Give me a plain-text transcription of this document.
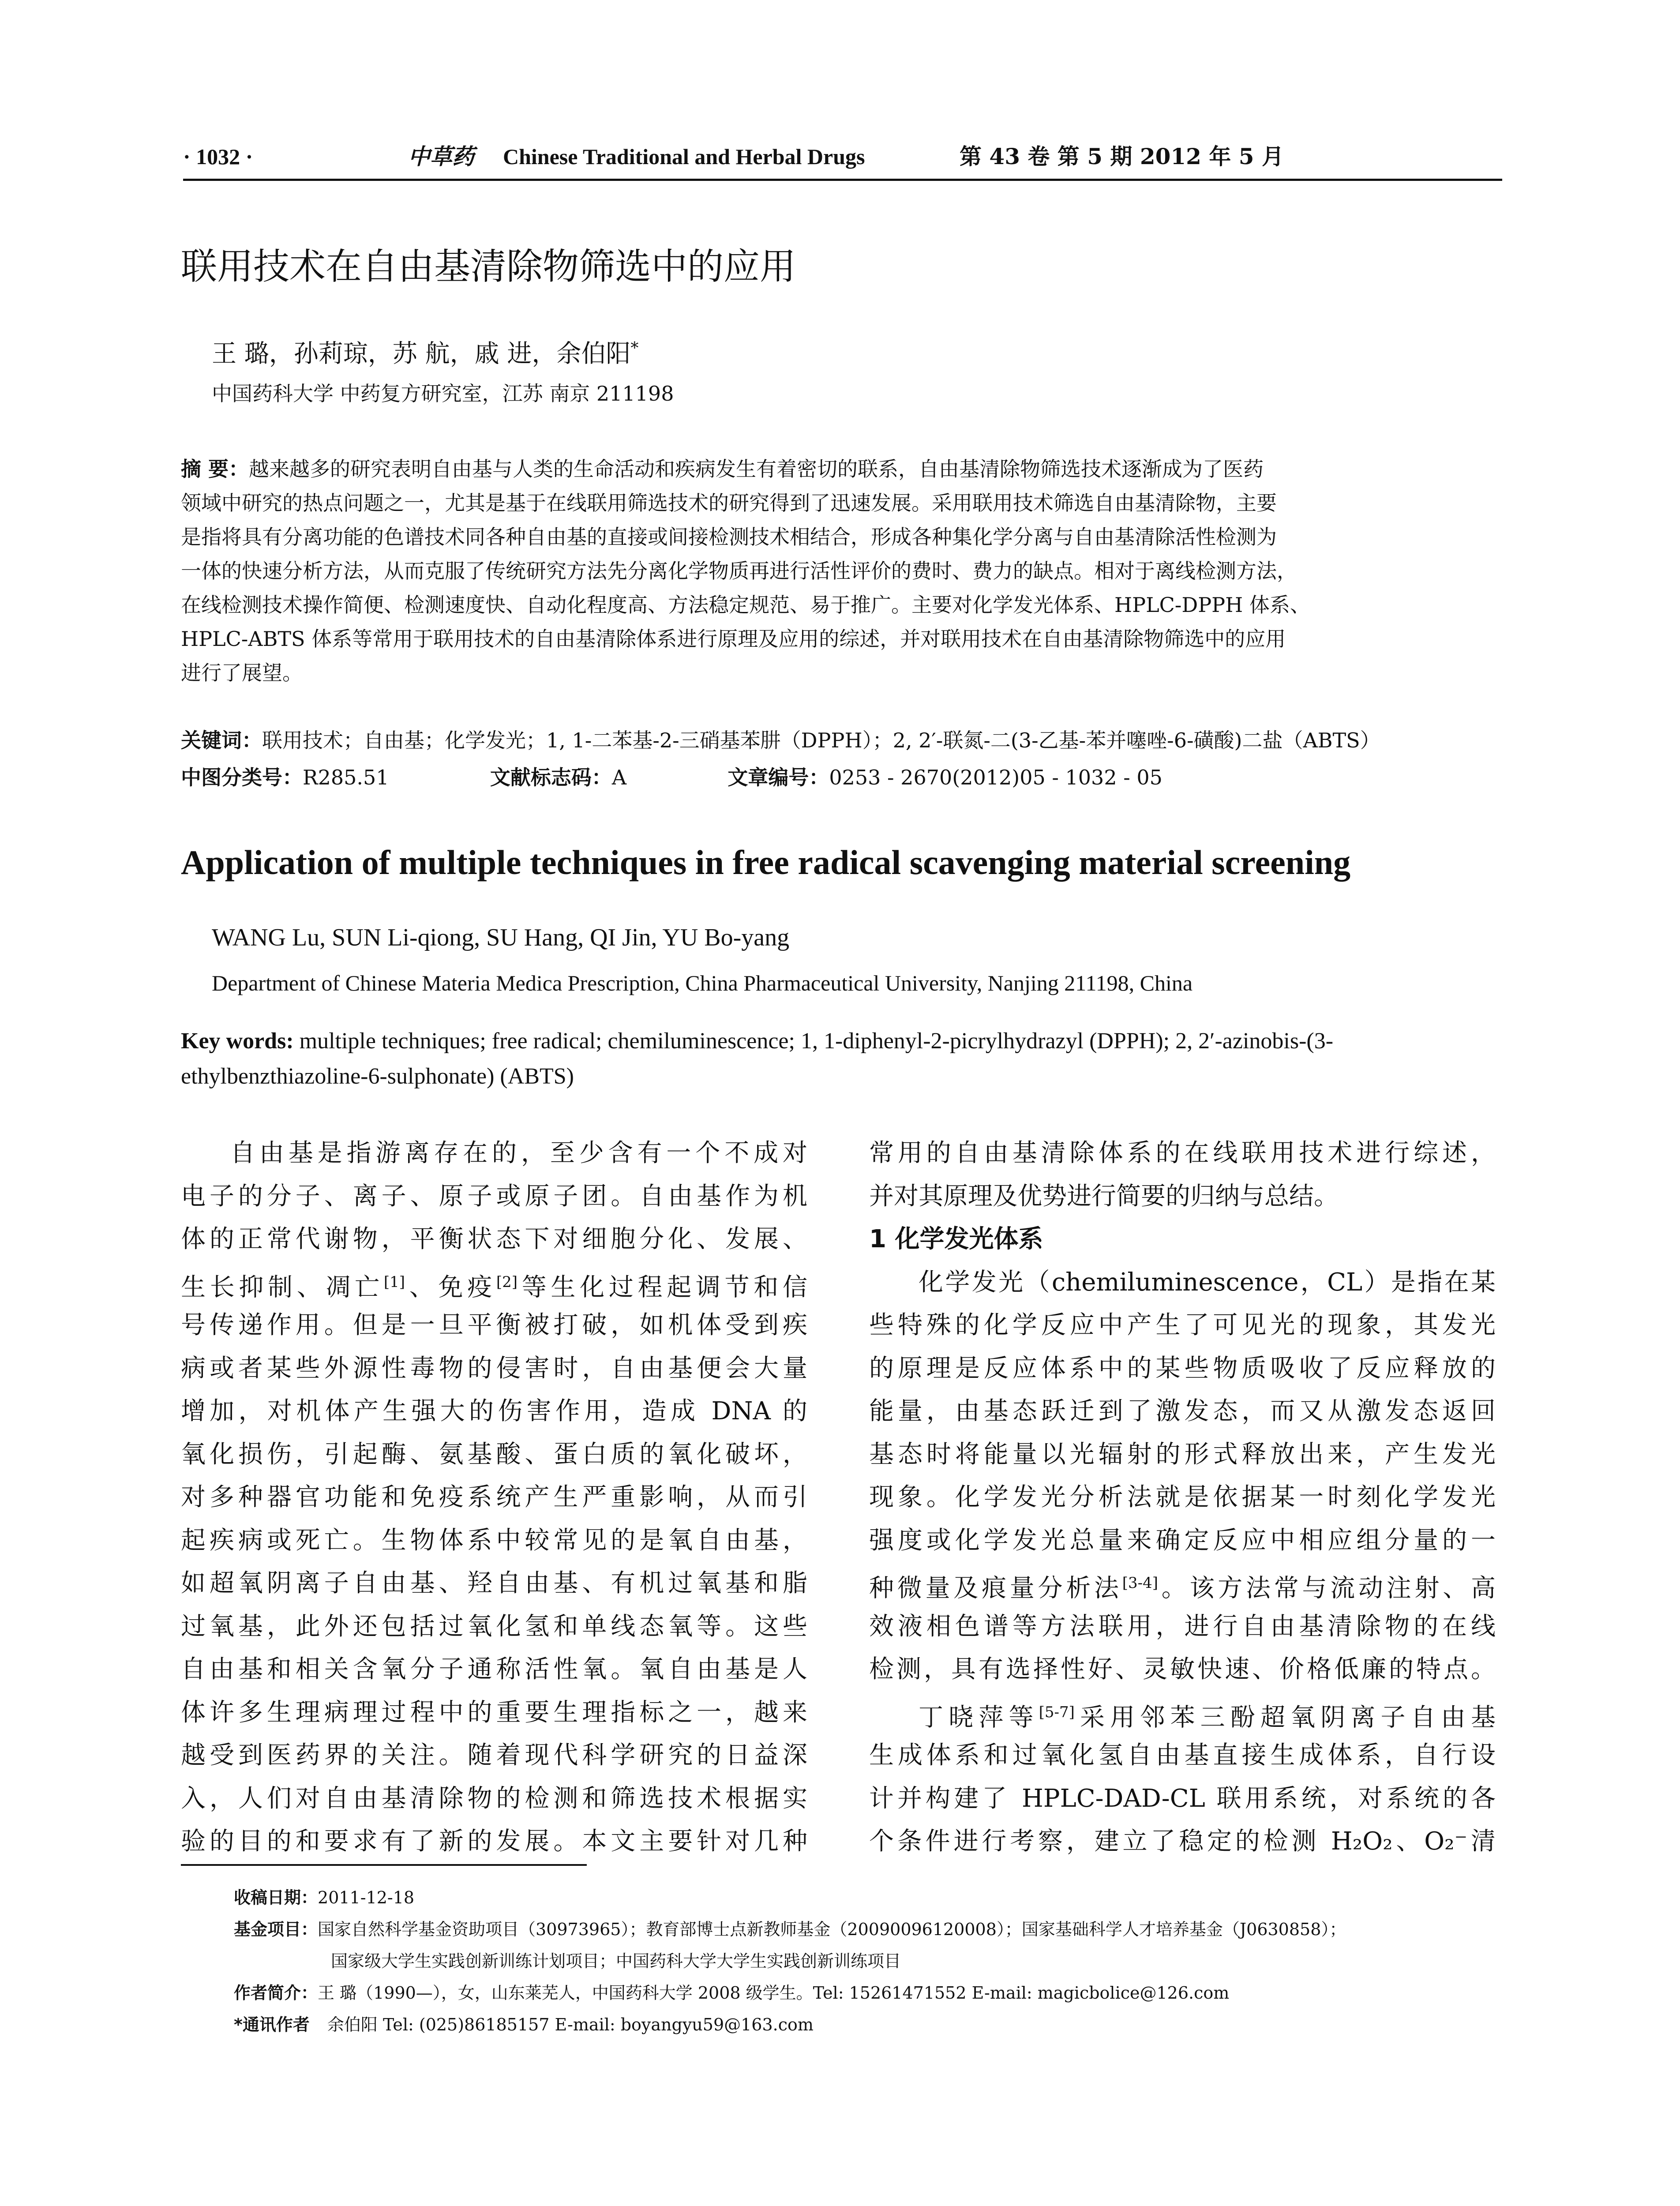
· 1032 ·	中草药 Chinese Traditional and Herbal Drugs	第 43 卷 第 5 期 2012 年 5 月
联用技术在自由基清除物筛选中的应用
王 璐，孙莉琼，苏 航，戚 进，余伯阳*
中国药科大学 中药复方研究室，江苏 南京 211198
摘 要：越来越多的研究表明自由基与人类的生命活动和疾病发生有着密切的联系，自由基清除物筛选技术逐渐成为了医药
领域中研究的热点问题之一，尤其是基于在线联用筛选技术的研究得到了迅速发展。采用联用技术筛选自由基清除物，主要
是指将具有分离功能的色谱技术同各种自由基的直接或间接检测技术相结合，形成各种集化学分离与自由基清除活性检测为
一体的快速分析方法，从而克服了传统研究方法先分离化学物质再进行活性评价的费时、费力的缺点。相对于离线检测方法，
在线检测技术操作简便、检测速度快、自动化程度高、方法稳定规范、易于推广。主要对化学发光体系、HPLC-DPPH 体系、
HPLC-ABTS 体系等常用于联用技术的自由基清除体系进行原理及应用的综述，并对联用技术在自由基清除物筛选中的应用
进行了展望。
关键词：联用技术；自由基；化学发光；1, 1-二苯基-2-三硝基苯肼（DPPH）；2, 2′-联氮-二(3-乙基-苯并噻唑-6-磺酸)二盐（ABTS）
中图分类号：R285.51	文献标志码：A	文章编号：0253 - 2670(2012)05 - 1032 - 05
Application of multiple techniques in free radical scavenging material screening
WANG Lu, SUN Li-qiong, SU Hang, QI Jin, YU Bo-yang
Department of Chinese Materia Medica Prescription, China Pharmaceutical University, Nanjing 211198, China
Key words: multiple techniques; free radical; chemiluminescence; 1, 1-diphenyl-2-picrylhydrazyl (DPPH); 2, 2′-azinobis-(3-ethylbenzthiazoline-6-sulphonate) (ABTS)
自由基是指游离存在的，至少含有一个不成对
电子的分子、离子、原子或原子团。自由基作为机
体的正常代谢物，平衡状态下对细胞分化、发展、
生长抑制、凋亡[1]、免疫[2]等生化过程起调节和信
号传递作用。但是一旦平衡被打破，如机体受到疾
病或者某些外源性毒物的侵害时，自由基便会大量
增加，对机体产生强大的伤害作用，造成 DNA 的
氧化损伤，引起酶、氨基酸、蛋白质的氧化破坏，
对多种器官功能和免疫系统产生严重影响，从而引
起疾病或死亡。生物体系中较常见的是氧自由基，
如超氧阴离子自由基、羟自由基、有机过氧基和脂
过氧基，此外还包括过氧化氢和单线态氧等。这些
自由基和相关含氧分子通称活性氧。氧自由基是人
体许多生理病理过程中的重要生理指标之一，越来
越受到医药界的关注。随着现代科学研究的日益深
入，人们对自由基清除物的检测和筛选技术根据实
验的目的和要求有了新的发展。本文主要针对几种
常用的自由基清除体系的在线联用技术进行综述，
并对其原理及优势进行简要的归纳与总结。
1 化学发光体系
化学发光（chemiluminescence，CL）是指在某
些特殊的化学反应中产生了可见光的现象，其发光
的原理是反应体系中的某些物质吸收了反应释放的
能量，由基态跃迁到了激发态，而又从激发态返回
基态时将能量以光辐射的形式释放出来，产生发光
现象。化学发光分析法就是依据某一时刻化学发光
强度或化学发光总量来确定反应中相应组分量的一
种微量及痕量分析法[3-4]。该方法常与流动注射、高
效液相色谱等方法联用，进行自由基清除物的在线
检测，具有选择性好、灵敏快速、价格低廉的特点。
丁晓萍等[5-7]采用邻苯三酚超氧阴离子自由基
生成体系和过氧化氢自由基直接生成体系，自行设
计并构建了 HPLC-DAD-CL 联用系统，对系统的各
个条件进行考察，建立了稳定的检测 H₂O₂、O₂⁻清
收稿日期：2011-12-18
基金项目：国家自然科学基金资助项目（30973965）；教育部博士点新教师基金（20090096120008）；国家基础科学人才培养基金（J0630858）；
国家级大学生实践创新训练计划项目；中国药科大学大学生实践创新训练项目
作者简介：王 璐（1990—），女，山东莱芜人，中国药科大学 2008 级学生。Tel: 15261471552 E-mail: magicbolice@126.com
*通讯作者 余伯阳 Tel: (025)86185157 E-mail: boyangyu59@163.com
